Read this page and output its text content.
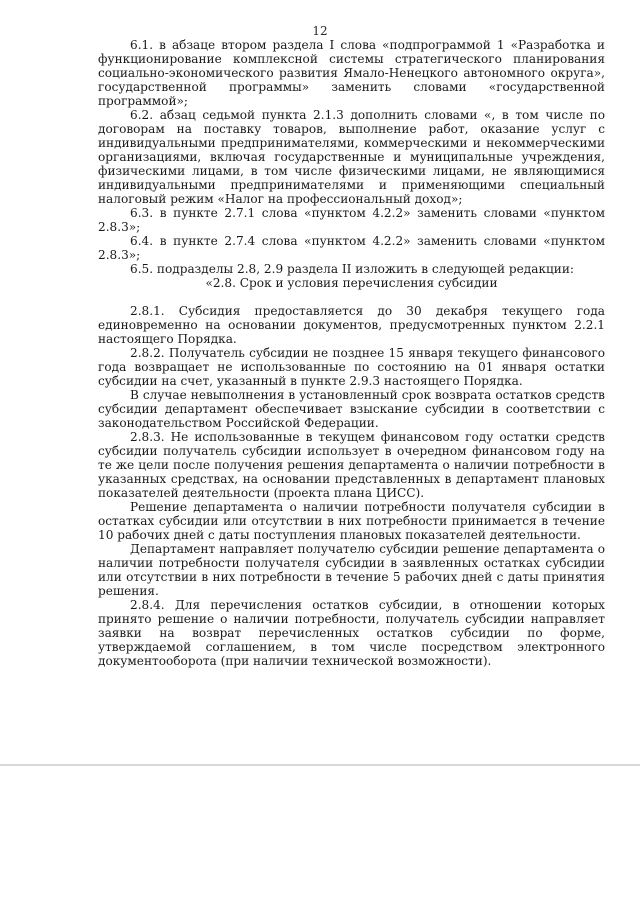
12

6.1. в абзаце втором раздела I слова «подпрограммой 1 «Разработка и функционирование комплексной системы стратегического планирования социально-экономического развития Ямало-Ненецкого автономного округа», государственной программы» заменить словами «государственной программой»;

6.2. абзац седьмой пункта 2.1.3 дополнить словами «, в том числе по договорам на поставку товаров, выполнение работ, оказание услуг с индивидуальными предпринимателями, коммерческими и некоммерческими организациями, включая государственные и муниципальные учреждения, физическими лицами, в том числе физическими лицами, не являющимися индивидуальными предпринимателями и применяющими специальный налоговый режим «Налог на профессиональный доход»;

6.3. в пункте 2.7.1 слова «пунктом 4.2.2» заменить словами «пунктом 2.8.3»;

6.4. в пункте 2.7.4 слова «пунктом 4.2.2» заменить словами «пунктом 2.8.3»;

6.5. подразделы 2.8, 2.9 раздела II изложить в следующей редакции:

«2.8. Срок и условия перечисления субсидии

2.8.1. Субсидия предоставляется до 30 декабря текущего года единовременно на основании документов, предусмотренных пунктом 2.2.1 настоящего Порядка.

2.8.2. Получатель субсидии не позднее 15 января текущего финансового года возвращает не использованные по состоянию на 01 января остатки субсидии на счет, указанный в пункте 2.9.3 настоящего Порядка.

В случае невыполнения в установленный срок возврата остатков средств субсидии департамент обеспечивает взыскание субсидии в соответствии с законодательством Российской Федерации.

2.8.3. Не использованные в текущем финансовом году остатки средств субсидии получатель субсидии использует в очередном финансовом году на те же цели после получения решения департамента о наличии потребности в указанных средствах, на основании представленных в департамент плановых показателей деятельности (проекта плана ЦИСС).

Решение департамента о наличии потребности получателя субсидии в остатках субсидии или отсутствии в них потребности принимается в течение 10 рабочих дней с даты поступления плановых показателей деятельности.

Департамент направляет получателю субсидии решение департамента о наличии потребности получателя субсидии в заявленных остатках субсидии или отсутствии в них потребности в течение 5 рабочих дней с даты принятия решения.

2.8.4. Для перечисления остатков субсидии, в отношении которых принято решение о наличии потребности, получатель субсидии направляет заявки на возврат перечисленных остатков субсидии по форме, утверждаемой соглашением, в том числе посредством электронного документооборота (при наличии технической возможности).
